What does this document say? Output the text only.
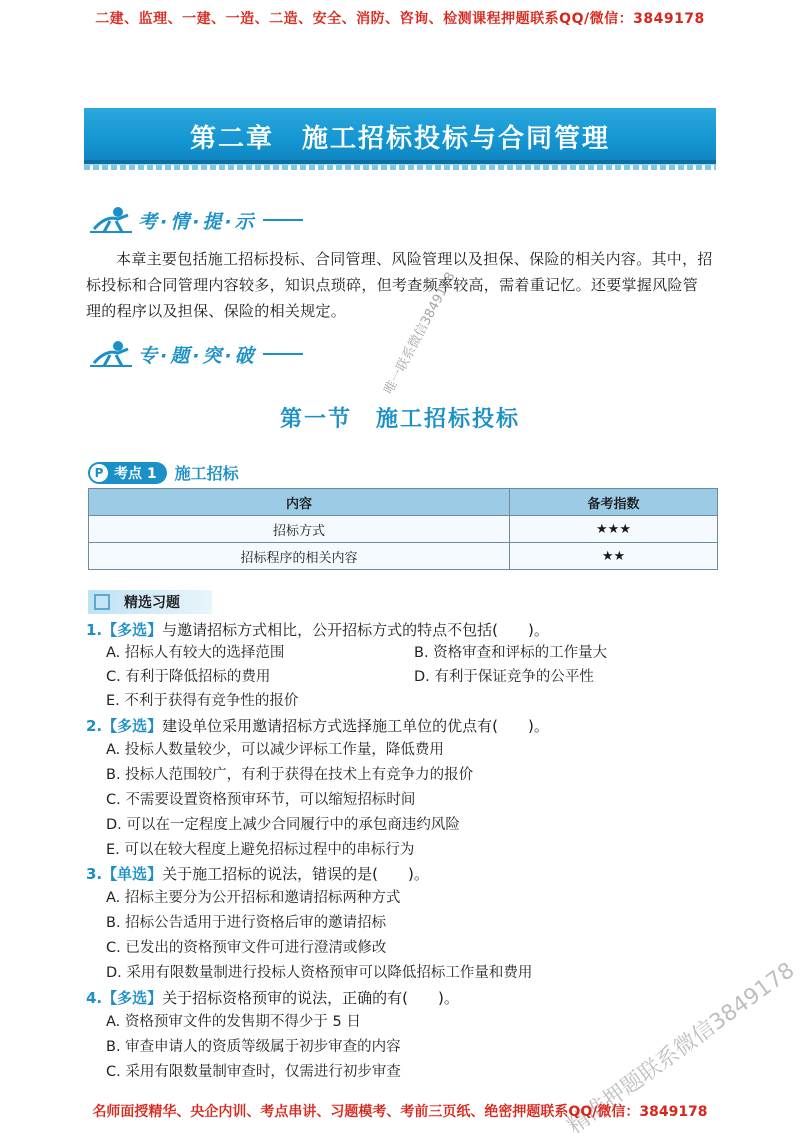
二建、监理、一建、一造、二造、安全、消防、咨询、检测课程押题联系QQ/微信：3849178
第二章　施工招标投标与合同管理
考·情·提·示
本章主要包括施工招标投标、合同管理、风险管理以及担保、保险的相关内容。其中，招
标投标和合同管理内容较多，知识点琐碎，但考查频率较高，需着重记忆。还要掌握风险管
理的程序以及担保、保险的相关规定。
专·题·突·破
第一节　施工招标投标
P 考点 1 施工招标
内容	备考指数
招标方式	★★★
招标程序的相关内容	★★
精选习题
1.【多选】与邀请招标方式相比，公开招标方式的特点不包括(　　)。
A. 招标人有较大的选择范围	B. 资格审查和评标的工作量大
C. 有利于降低招标的费用	D. 有利于保证竞争的公平性
E. 不利于获得有竞争性的报价
2.【多选】建设单位采用邀请招标方式选择施工单位的优点有(　　)。
A. 投标人数量较少，可以减少评标工作量，降低费用
B. 投标人范围较广，有利于获得在技术上有竞争力的报价
C. 不需要设置资格预审环节，可以缩短招标时间
D. 可以在一定程度上减少合同履行中的承包商违约风险
E. 可以在较大程度上避免招标过程中的串标行为
3.【单选】关于施工招标的说法，错误的是(　　)。
A. 招标主要分为公开招标和邀请招标两种方式
B. 招标公告适用于进行资格后审的邀请招标
C. 已发出的资格预审文件可进行澄清或修改
D. 采用有限数量制进行投标人资格预审可以降低招标工作量和费用
4.【多选】关于招标资格预审的说法，正确的有(　　)。
A. 资格预审文件的发售期不得少于 5 日
B. 审查申请人的资质等级属于初步审查的内容
C. 采用有限数量制审查时，仅需进行初步审查
唯一联系微信3849178
精准押题联系微信3849178
名师面授精华、央企内训、考点串讲、习题模考、考前三页纸、绝密押题联系QQ/微信：3849178
